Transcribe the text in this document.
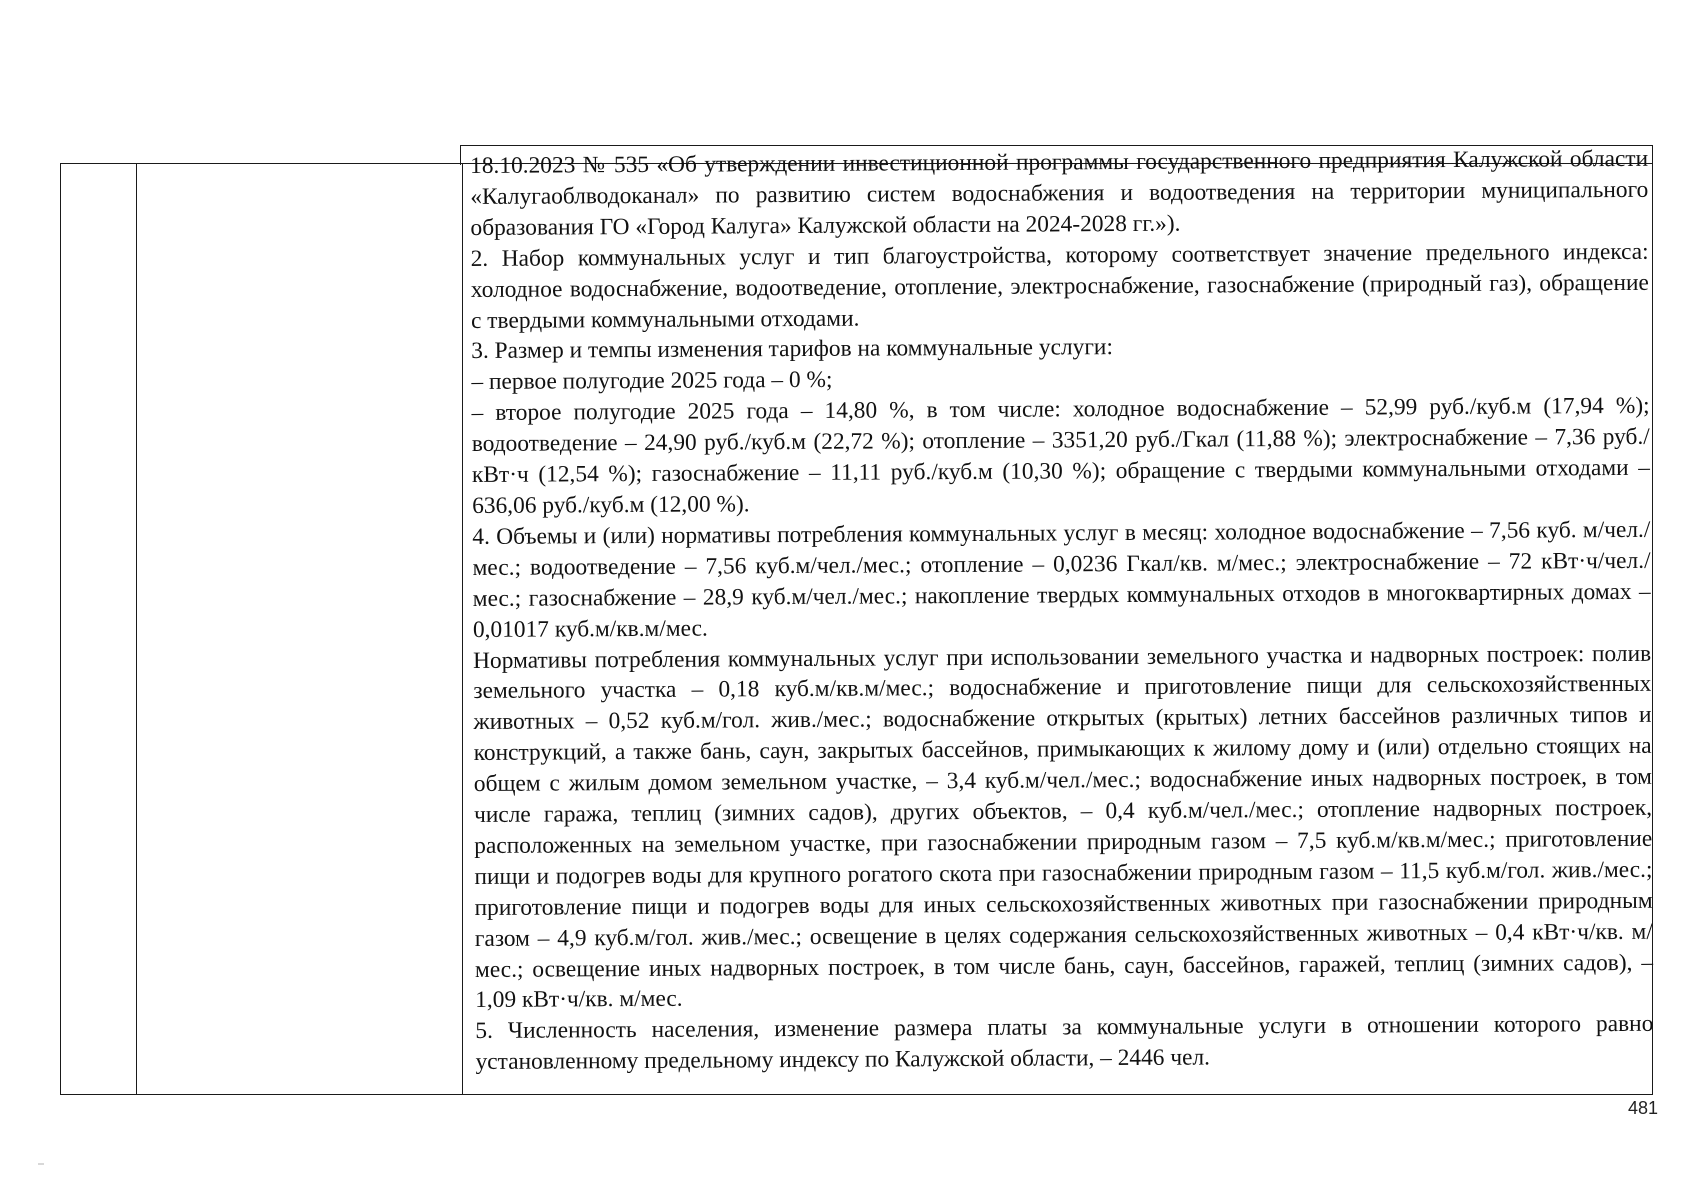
18.10.2023 № 535 «Об утверждении инвестиционной программы государственного предприятия Калужской области «Калугаоблводоканал» по развитию систем водоснабжения и водоотведения на территории муниципального образования ГО «Город Калуга» Калужской области на 2024-2028 гг.»).

2. Набор коммунальных услуг и тип благоустройства, которому соответствует значение предельного индекса: холодное водоснабжение, водоотведение, отопление, электроснабжение, газоснабжение (природный газ), обращение с твердыми коммунальными отходами.

3. Размер и темпы изменения тарифов на коммунальные услуги:

– первое полугодие 2025 года – 0 %;

– второе полугодие 2025 года – 14,80 %, в том числе: холодное водоснабжение – 52,99 руб./куб.м (17,94 %); водоотведение – 24,90 руб./куб.м (22,72 %); отопление – 3351,20 руб./Гкал (11,88 %); электроснабжение – 7,36 руб./кВт·ч (12,54 %); газоснабжение – 11,11 руб./куб.м (10,30 %); обращение с твердыми коммунальными отходами – 636,06 руб./куб.м (12,00 %).

4. Объемы и (или) нормативы потребления коммунальных услуг в месяц: холодное водоснабжение – 7,56 куб. м/чел./мес.; водоотведение – 7,56 куб.м/чел./мес.; отопление – 0,0236 Гкал/кв. м/мес.; электроснабжение – 72 кВт·ч/чел./мес.; газоснабжение – 28,9 куб.м/чел./мес.; накопление твердых коммунальных отходов в многоквартирных домах – 0,01017 куб.м/кв.м/мес.

Нормативы потребления коммунальных услуг при использовании земельного участка и надворных построек: полив земельного участка – 0,18 куб.м/кв.м/мес.; водоснабжение и приготовление пищи для сельскохозяйственных животных – 0,52 куб.м/гол. жив./мес.; водоснабжение открытых (крытых) летних бассейнов различных типов и конструкций, а также бань, саун, закрытых бассейнов, примыкающих к жилому дому и (или) отдельно стоящих на общем с жилым домом земельном участке, – 3,4 куб.м/чел./мес.; водоснабжение иных надворных построек, в том числе гаража, теплиц (зимних садов), других объектов, – 0,4 куб.м/чел./мес.; отопление надворных построек, расположенных на земельном участке, при газоснабжении природным газом – 7,5 куб.м/кв.м/мес.; приготовление пищи и подогрев воды для крупного рогатого скота при газоснабжении природным газом – 11,5 куб.м/гол. жив./мес.; приготовление пищи и подогрев воды для иных сельскохозяйственных животных при газоснабжении природным газом – 4,9 куб.м/гол. жив./мес.; освещение в целях содержания сельскохозяйственных животных – 0,4 кВт·ч/кв. м/мес.; освещение иных надворных построек, в том числе бань, саун, бассейнов, гаражей, теплиц (зимних садов), – 1,09 кВт·ч/кв. м/мес.

5. Численность населения, изменение размера платы за коммунальные услуги в отношении которого равно установленному предельному индексу по Калужской области, – 2446 чел.

481
